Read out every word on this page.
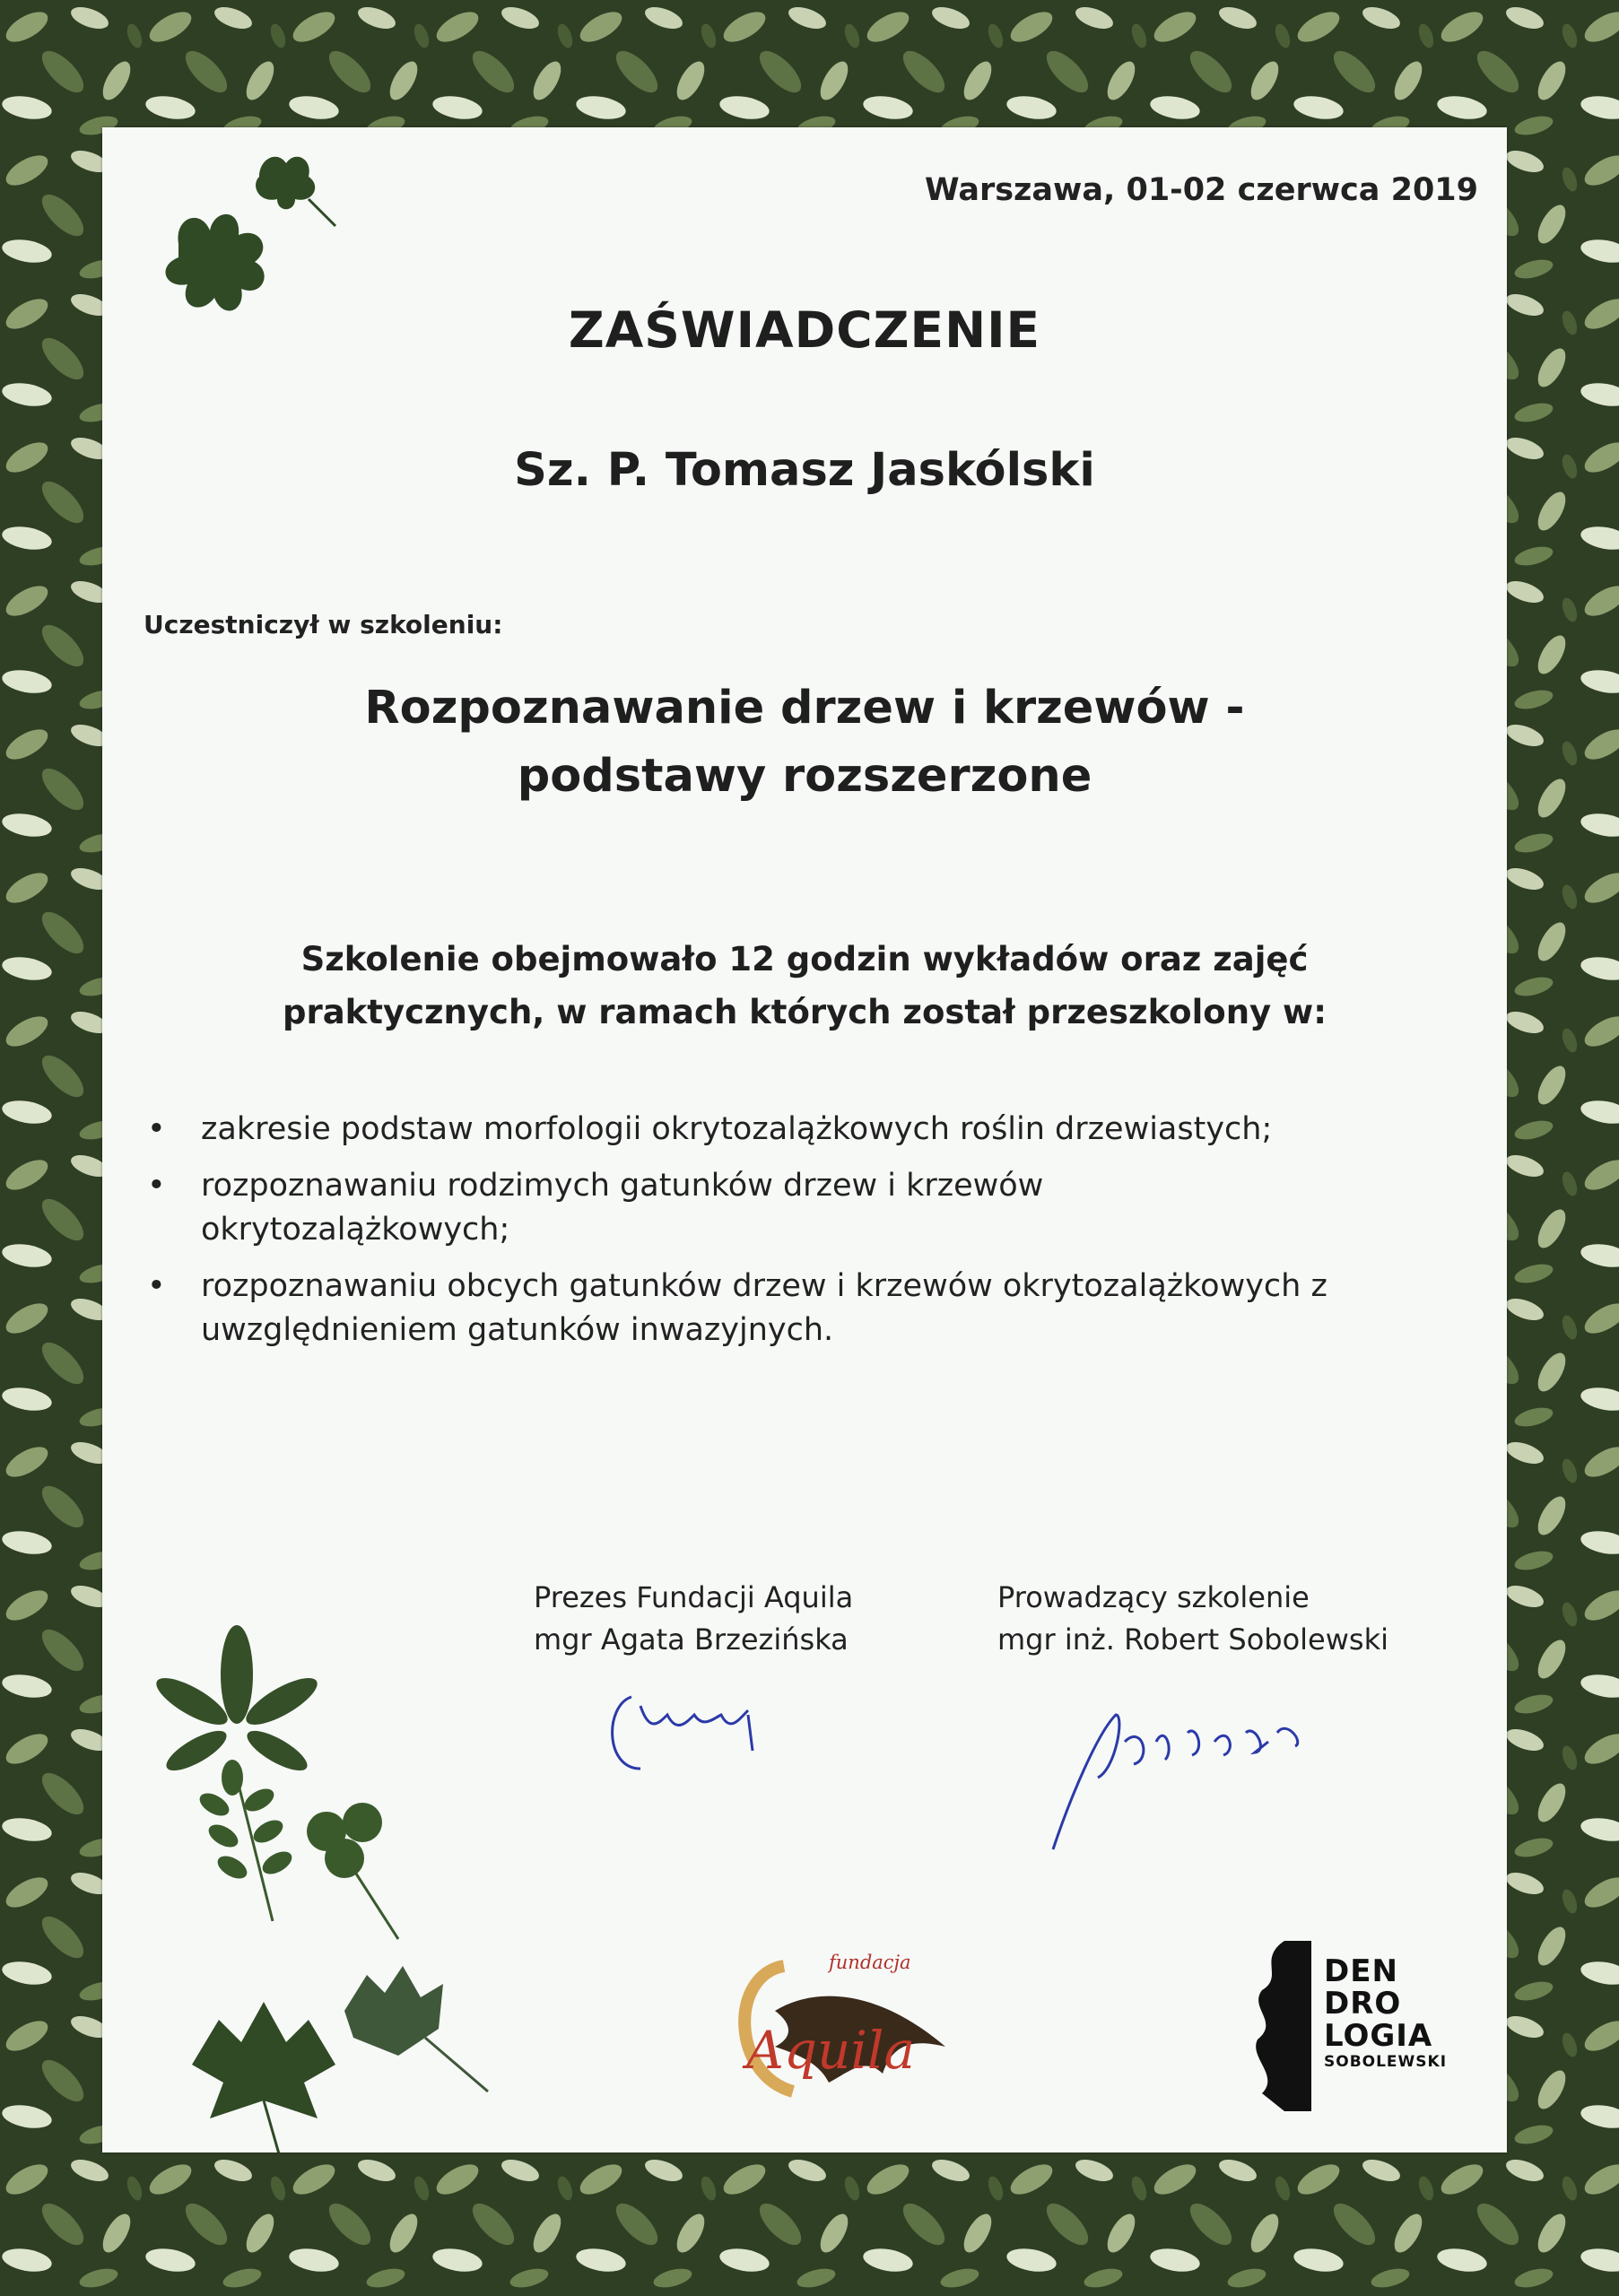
Warszawa, 01-02 czerwca 2019
ZAŚWIADCZENIE
Sz. P. Tomasz Jaskólski
Uczestniczył w szkoleniu:
Rozpoznawanie drzew i krzewów -
podstawy rozszerzone
Szkolenie obejmowało 12 godzin wykładów oraz zajęć
praktycznych, w ramach których został przeszkolony w:
• zakresie podstaw morfologii okrytozalążkowych roślin drzewiastych;
• rozpoznawaniu rodzimych gatunków drzew i krzewów okrytozalążkowych;
• rozpoznawaniu obcych gatunków drzew i krzewów okrytozalążkowych z uwzględnieniem gatunków inwazyjnych.
Prezes Fundacji Aquila
mgr Agata Brzezińska
Prowadzący szkolenie
mgr inż. Robert Sobolewski
fundacja
Aquila
DEN
DRO
LOGIA
SOBOLEWSKI
